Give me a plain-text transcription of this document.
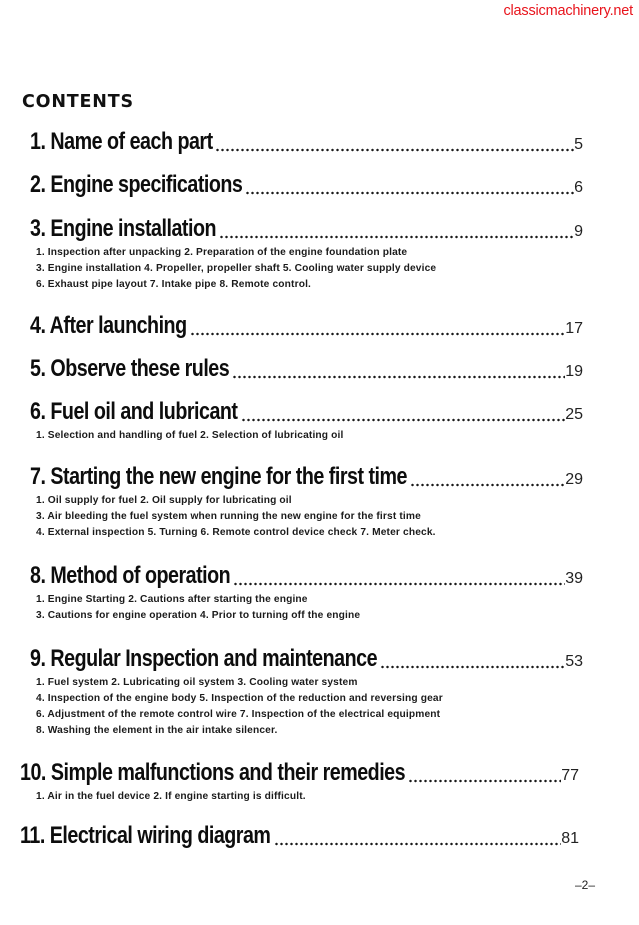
classicmachinery.net
CONTENTS
1. Name of each part	5
2. Engine specifications	6
3. Engine installation	9
1. Inspection after unpacking 2. Preparation of the engine foundation plate
3. Engine installation 4. Propeller, propeller shaft 5. Cooling water supply device
6. Exhaust pipe layout 7. Intake pipe 8. Remote control.
4. After launching	17
5. Observe these rules	19
6. Fuel oil and lubricant	25
1. Selection and handling of fuel 2. Selection of lubricating oil
7. Starting the new engine for the first time	29
1. Oil supply for fuel 2. Oil supply for lubricating oil
3. Air bleeding the fuel system when running the new engine for the first time
4. External inspection 5. Turning 6. Remote control device check 7. Meter check.
8. Method of operation	39
1. Engine Starting 2. Cautions after starting the engine
3. Cautions for engine operation 4. Prior to turning off the engine
9. Regular Inspection and maintenance	53
1. Fuel system 2. Lubricating oil system 3. Cooling water system
4. Inspection of the engine body 5. Inspection of the reduction and reversing gear
6. Adjustment of the remote control wire 7. Inspection of the electrical equipment
8. Washing the element in the air intake silencer.
10. Simple malfunctions and their remedies	77
1. Air in the fuel device 2. If engine starting is difficult.
11. Electrical wiring diagram	81
–2–
